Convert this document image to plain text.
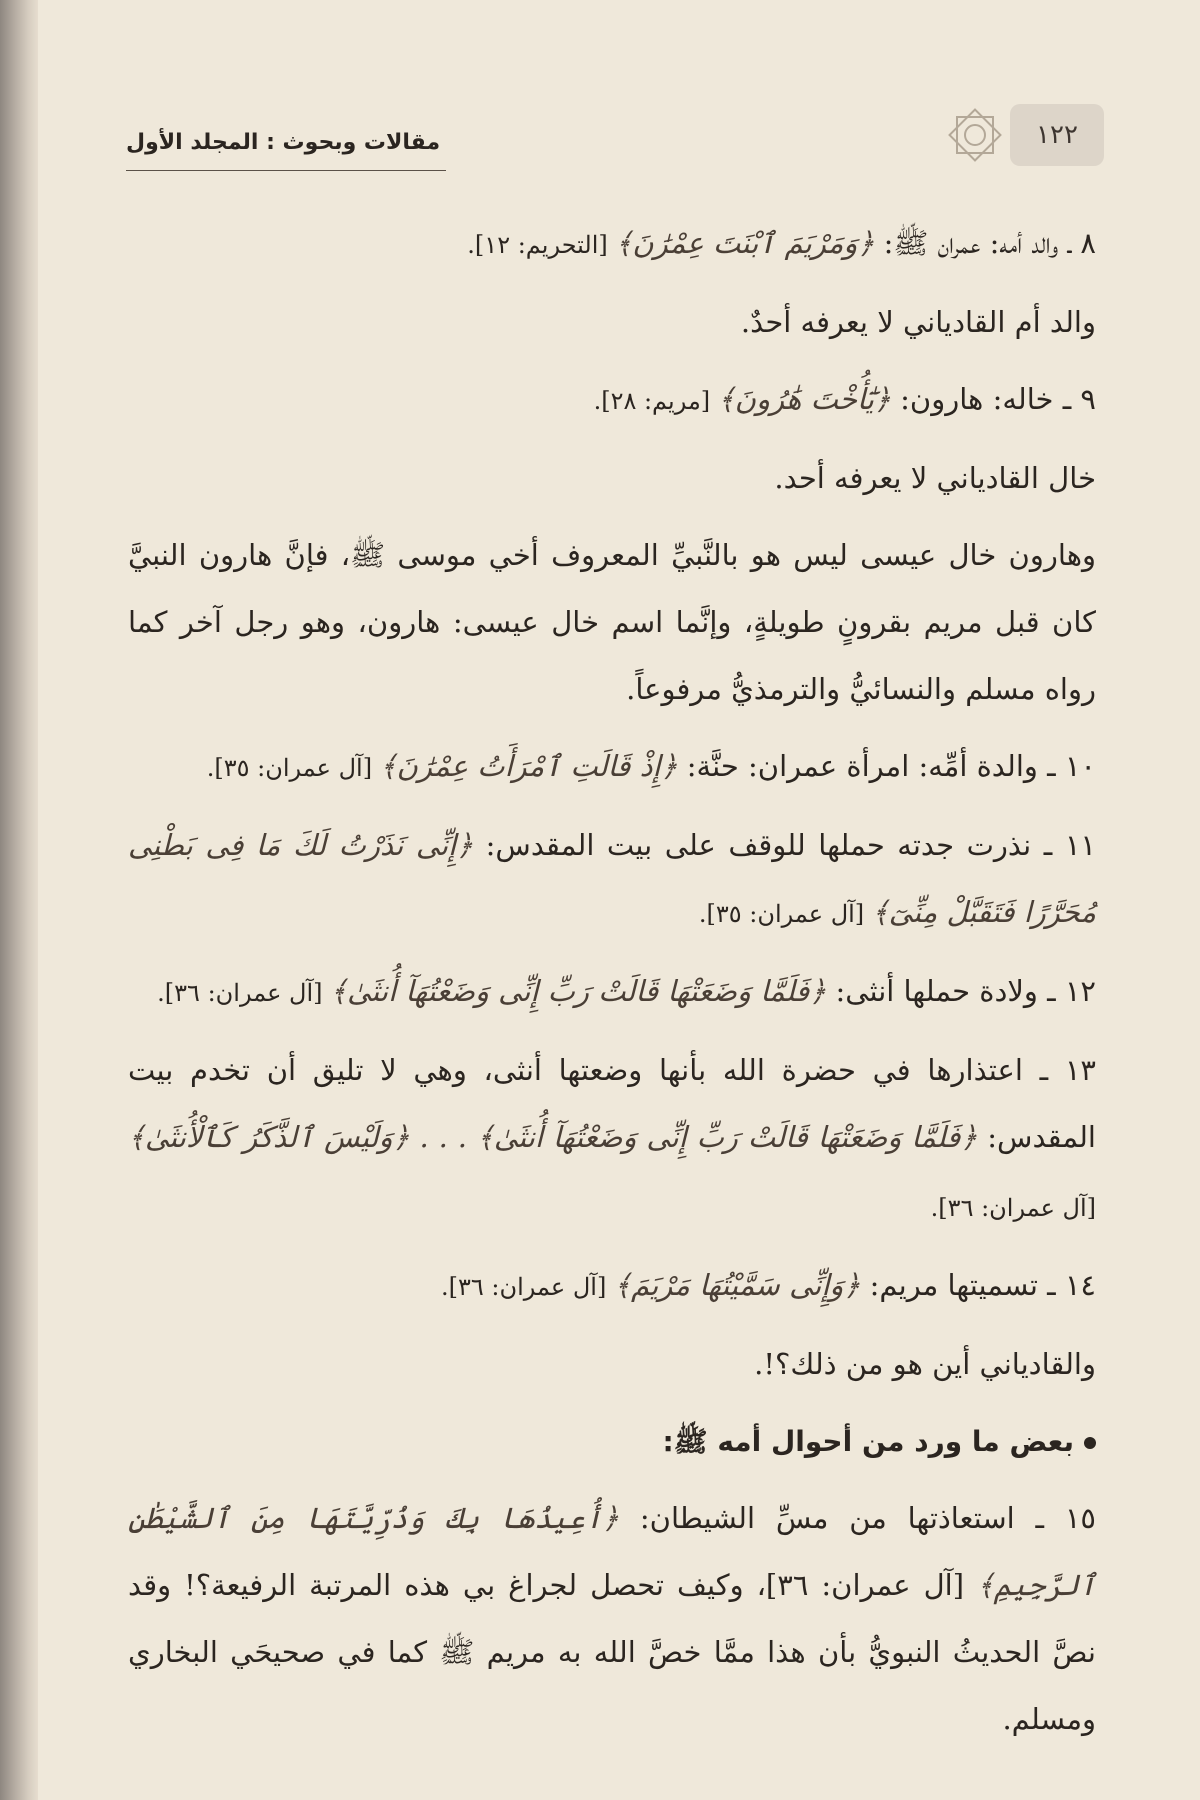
١٢٢
مقالات وبحوث : المجلد الأول

٨ ـ والد أمه: عمران ﷺ: ﴿وَمَرْيَمَ ٱبْنَتَ عِمْرَٰنَ﴾ [التحريم: ١٢].

والد أم القادياني لا يعرفه أحدٌ.

٩ ـ خاله: هارون: ﴿يَٰٓأُخْتَ هَٰرُونَ﴾ [مريم: ٢٨].

خال القادياني لا يعرفه أحد.

وهارون خال عيسى ليس هو بالنَّبيِّ المعروف أخي موسى ﷺ، فإنَّ هارون النبيَّ كان قبل مريم بقرونٍ طويلةٍ، وإنَّما اسم خال عيسى: هارون، وهو رجل آخر كما رواه مسلم والنسائيُّ والترمذيُّ مرفوعاً.

١٠ ـ والدة أمِّه: امرأة عمران: حنَّة: ﴿إِذْ قَالَتِ ٱمْرَأَتُ عِمْرَٰنَ﴾ [آل عمران: ٣٥].

١١ ـ نذرت جدته حملها للوقف على بيت المقدس: ﴿إِنِّى نَذَرْتُ لَكَ مَا فِى بَطْنِى مُحَرَّرًا فَتَقَبَّلْ مِنِّىٓ﴾ [آل عمران: ٣٥].

١٢ ـ ولادة حملها أنثى: ﴿فَلَمَّا وَضَعَتْهَا قَالَتْ رَبِّ إِنِّى وَضَعْتُهَآ أُنثَىٰ﴾ [آل عمران: ٣٦].

١٣ ـ اعتذارها في حضرة الله بأنها وضعتها أنثى، وهي لا تليق أن تخدم بيت المقدس: ﴿فَلَمَّا وَضَعَتْهَا قَالَتْ رَبِّ إِنِّى وَضَعْتُهَآ أُنثَىٰ﴾ . . . ﴿وَلَيْسَ ٱلذَّكَرُ كَٱلْأُنثَىٰ﴾ [آل عمران: ٣٦].

١٤ ـ تسميتها مريم: ﴿وَإِنِّى سَمَّيْتُهَا مَرْيَمَ﴾ [آل عمران: ٣٦].

والقادياني أين هو من ذلك؟!.

بعض ما ورد من أحوال أمه ﷺ:

١٥ ـ استعاذتها من مسِّ الشيطان: ﴿أُعِيذُهَا بِكَ وَذُرِّيَّتَهَا مِنَ ٱلشَّيْطَٰنِ ٱلرَّجِيمِ﴾ [آل عمران: ٣٦]، وكيف تحصل لجراغ بي هذه المرتبة الرفيعة؟! وقد نصَّ الحديثُ النبويُّ بأن هذا ممَّا خصَّ الله به مريم ﷺ كما في صحيحَي البخاري ومسلم.
